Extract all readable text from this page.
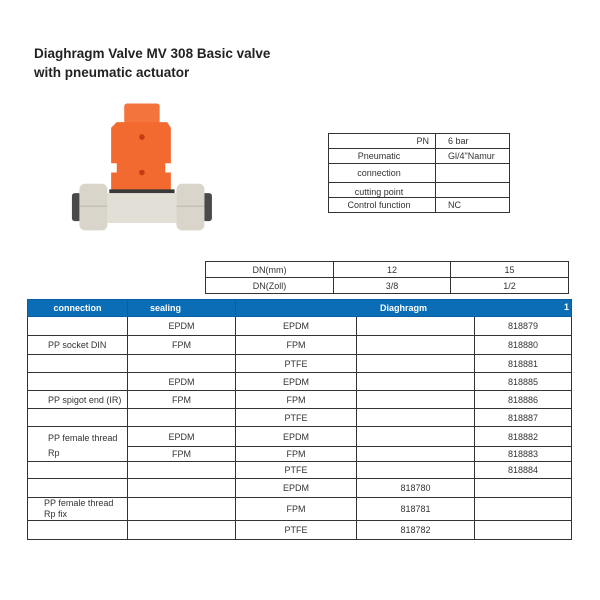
Diaghragm Valve MV 308 Basic valve
with pneumatic actuator
PN	6 bar
Pneumatic	Gl/4"Namur
connection	
cutting point	
Control function	NC
DN(mm)	12	15
DN(Zoll)	3/8	1/2
connection	sealing	Diaghragm 1		

	EPDM	EPDM		818879
PP socket DIN	FPM	FPM		818880
		PTFE		818881
	EPDM	EPDM		818885
PP spigot end (IR)	FPM	FPM		818886
		PTFE		818887
PP female thread Rp	EPDM	EPDM		818882
	FPM	FPM		818883
		PTFE		818884
		EPDM	818780	
PP female thread Rp fix		FPM	818781	
		PTFE	818782	
